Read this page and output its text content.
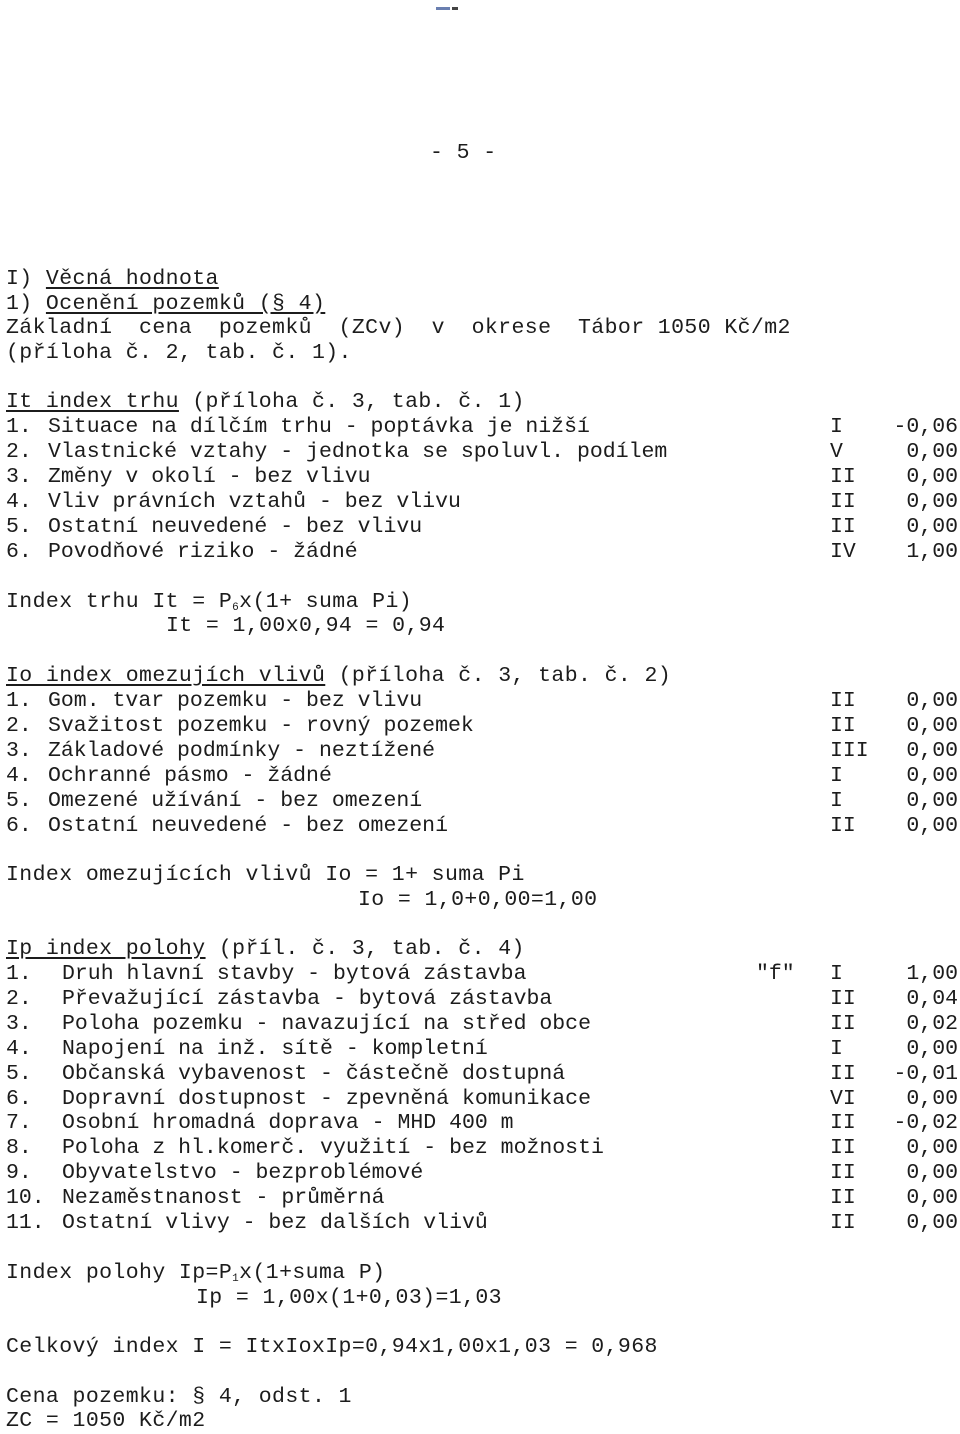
- 5 -
I) Věcná hodnota
1) Ocenění pozemků (§ 4)
Základní  cena  pozemků  (ZCv)  v  okrese  Tábor 1050 Kč/m2
(příloha č. 2, tab. č. 1).
It index trhu (příloha č. 3, tab. č. 1)
1. Situace na dílčím trhu - poptávka je nižší	I -0,06
2. Vlastnické vztahy - jednotka se spoluvl. podílem	V	0,00
3. Změny v okolí - bez vlivu	II 0,00
4. Vliv právních vztahů - bez vlivu	II 0,00
5. Ostatní neuvedené - bez vlivu	II 0,00
6. Povodňové riziko - žádné	IV 1,00
Index trhu $It = P_6x(1+$ suma Pi)
It = 1,00x0,94 = 0,94
Io index omezujích vlivů (příloha č. 3, tab. č. 2)
1. Gom. tvar pozemku - bez vlivu	II 0,00
2. Svažitost pozemku - rovný pozemek	II 0,00
3. Základové podmínky - neztížené	III 0,00
4. Ochranné pásmo - žádné	I	0,00
5. Omezené užívání - bez omezení	I	0,00
6. Ostatní neuvedené - bez omezení	II 0,00
Index omezujících vlivů Io = 1+ suma Pi
Io = 1,0+0,00=1,00
Ip index polohy (příl. č. 3, tab. č. 4)
1. Druh hlavní stavby - bytová zástavba	"f" I	1,00
2. Převažující zástavba - bytová zástavba	II 0,04
3. Poloha pozemku - navazující na střed obce	II 0,02
4. Napojení na inž. sítě - kompletní	I	0,00
5. Občanská vybavenost - částečně dostupná	II -0,01
6. Dopravní dostupnost - zpevněná komunikace	VI 0,00
7. Osobní hromadná doprava - MHD 400 m	II -0,02
8. Poloha z hl.komerč. využití - bez možnosti	II 0,00
9. Obyvatelstvo - bezproblémové	II 0,00
10. Nezaměstnanost - průměrná	II 0,00
11. Ostatní vlivy - bez dalších vlivů	II 0,00
Index polohy $Ip=P_1x(1+suma$ P)
Ip = 1,00x(1+0,03)=1,03
Celkový index I = ItxIoxIp=0,94x1,00x1,03 = 0,968
Cena pozemku: § 4, odst. 1
ZC = 1050 Kč/m2
